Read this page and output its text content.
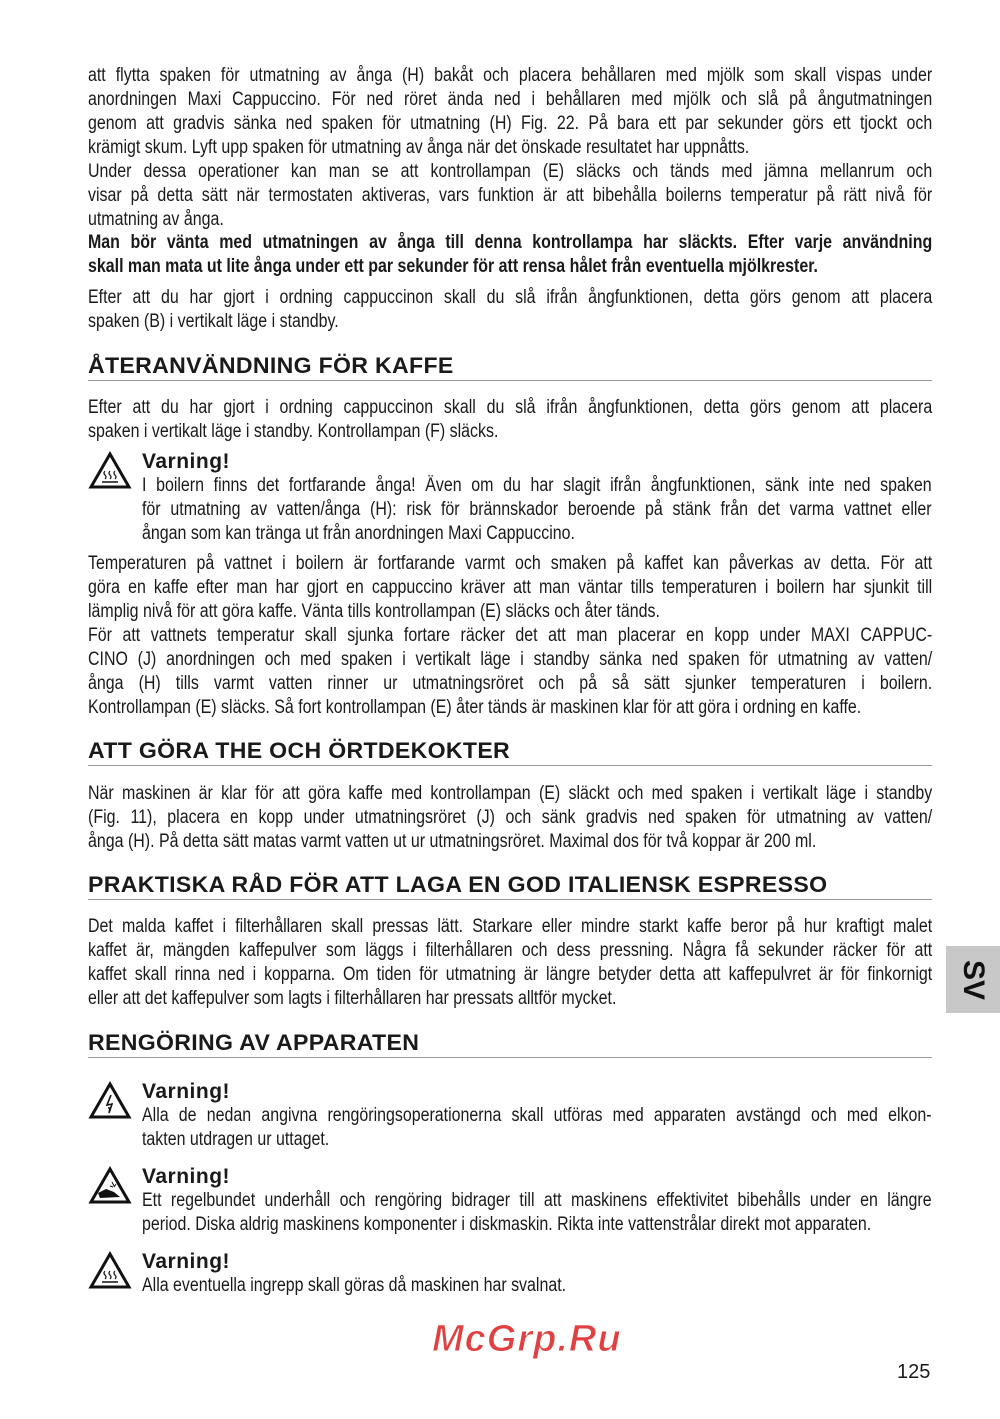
ÅTERANVÄNDNING FÖR KAFFE
ATT GÖRA THE OCH ÖRTDEKOKTER
PRAKTISKA RÅD FÖR ATT LAGA EN GOD ITALIENSK ESPRESSO
RENGÖRING AV APPARATEN
Varning!
Varning!
Varning!
Varning!
125
SV
McGrp.Ru
att flytta spaken för utmatning av ånga (H) bakåt och placera behållaren med mjölk som skall vispas under
anordningen Maxi Cappuccino. För ned röret ända ned i behållaren med mjölk och slå på ångutmatningen
genom att gradvis sänka ned spaken för utmatning (H) Fig. 22. På bara ett par sekunder görs ett tjockt och
krämigt skum. Lyft upp spaken för utmatning av ånga när det önskade resultatet har uppnåtts.
Under dessa operationer kan man se att kontrollampan (E) släcks och tänds med jämna mellanrum och
visar på detta sätt när termostaten aktiveras, vars funktion är att bibehålla boilerns temperatur på rätt nivå för
utmatning av ånga.
Man bör vänta med utmatningen av ånga till denna kontrollampa har släckts. Efter varje användning
skall man mata ut lite ånga under ett par sekunder för att rensa hålet från eventuella mjölkrester.
Efter att du har gjort i ordning cappuccinon skall du slå ifrån ångfunktionen, detta görs genom att placera
spaken (B) i vertikalt läge i standby.
Efter att du har gjort i ordning cappuccinon skall du slå ifrån ångfunktionen, detta görs genom att placera
spaken i vertikalt läge i standby. Kontrollampan (F) släcks.
I boilern finns det fortfarande ånga! Även om du har slagit ifrån ångfunktionen, sänk inte ned spaken
för utmatning av vatten/ånga (H): risk för brännskador beroende på stänk från det varma vattnet eller
ångan som kan tränga ut från anordningen Maxi Cappuccino.
Temperaturen på vattnet i boilern är fortfarande varmt och smaken på kaffet kan påverkas av detta. För att
göra en kaffe efter man har gjort en cappuccino kräver att man väntar tills temperaturen i boilern har sjunkit till
lämplig nivå för att göra kaffe. Vänta tills kontrollampan (E) släcks och åter tänds.
För att vattnets temperatur skall sjunka fortare räcker det att man placerar en kopp under MAXI CAPPUC-
CINO (J) anordningen och med spaken i vertikalt läge i standby sänka ned spaken för utmatning av vatten/
ånga (H) tills varmt vatten rinner ur utmatningsröret och på så sätt sjunker temperaturen i boilern.
Kontrollampan (E) släcks. Så fort kontrollampan (E) åter tänds är maskinen klar för att göra i ordning en kaffe.
När maskinen är klar för att göra kaffe med kontrollampan (E) släckt och med spaken i vertikalt läge i standby
(Fig. 11), placera en kopp under utmatningsröret (J) och sänk gradvis ned spaken för utmatning av vatten/
ånga (H). På detta sätt matas varmt vatten ut ur utmatningsröret. Maximal dos för två koppar är 200 ml.
Det malda kaffet i filterhållaren skall pressas lätt. Starkare eller mindre starkt kaffe beror på hur kraftigt malet
kaffet är, mängden kaffepulver som läggs i filterhållaren och dess pressning. Några få sekunder räcker för att
kaffet skall rinna ned i kopparna. Om tiden för utmatning är längre betyder detta att kaffepulvret är för finkornigt
eller att det kaffepulver som lagts i filterhållaren har pressats alltför mycket.
Alla de nedan angivna rengöringsoperationerna skall utföras med apparaten avstängd och med elkon-
takten utdragen ur uttaget.
Ett regelbundet underhåll och rengöring bidrager till att maskinens effektivitet bibehålls under en längre
period. Diska aldrig maskinens komponenter i diskmaskin. Rikta inte vattenstrålar direkt mot apparaten.
Alla eventuella ingrepp skall göras då maskinen har svalnat.
